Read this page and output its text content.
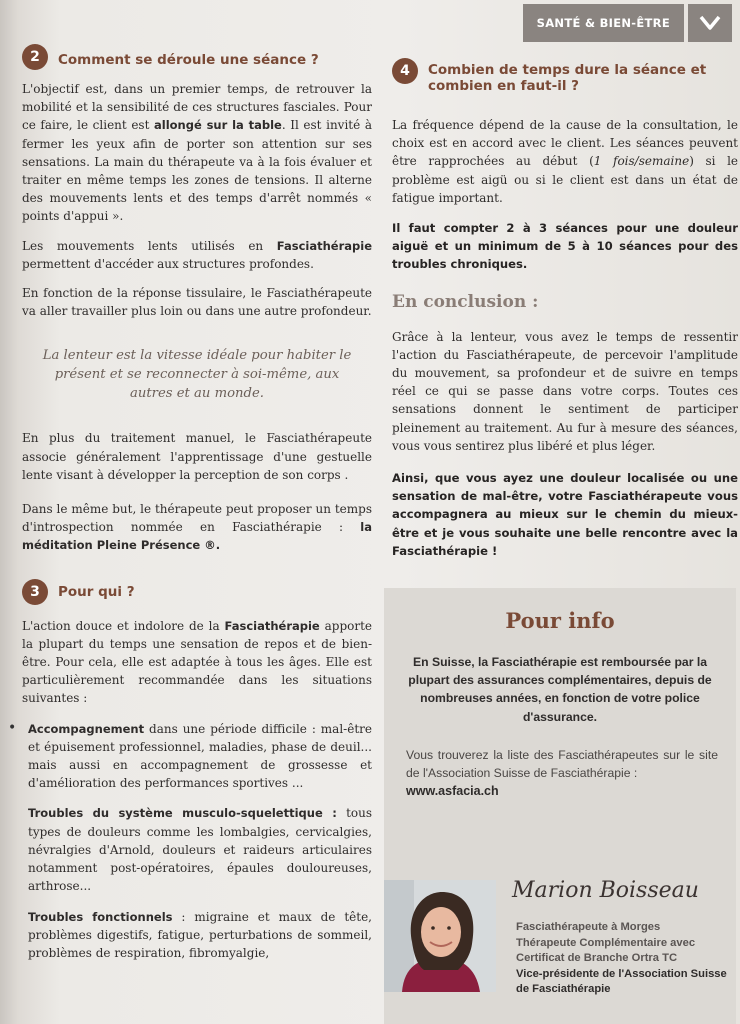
SANTÉ & BIEN-ÊTRE
2	Comment se déroule une séance ?

L'objectif est, dans un premier temps, de retrouver la mobilité et la sensibilité de ces structures fasciales. Pour ce faire, le client est allongé sur la table. Il est invité à fermer les yeux afin de porter son attention sur ses sensations. La main du thérapeute va à la fois évaluer et traiter en même temps les zones de tensions. Il alterne des mouvements lents et des temps d'arrêt nommés « points d'appui ».

Les mouvements lents utilisés en Fasciathérapie permettent d'accéder aux structures profondes.

En fonction de la réponse tissulaire, le Fasciathérapeute va aller travailler plus loin ou dans une autre profondeur.

La lenteur est la vitesse idéale pour habiter le présent et se reconnecter à soi-même, aux autres et au monde.

En plus du traitement manuel, le Fasciathérapeute associe généralement l'apprentissage d'une gestuelle lente visant à développer la perception de son corps .

Dans le même but, le thérapeute peut proposer un temps d'introspection nommée en Fasciathérapie : la méditation Pleine Présence ®.

3	Pour qui ?

L'action douce et indolore de la Fasciathérapie apporte la plupart du temps une sensation de repos et de bien-être. Pour cela, elle est adaptée à tous les âges. Elle est particulièrement recommandée dans les situations suivantes :

• Accompagnement dans une période difficile : mal-être et épuisement professionnel, maladies, phase de deuil... mais aussi en accompagnement de grossesse et d'amélioration des performances sportives ...

Troubles du système musculo-squelettique : tous types de douleurs comme les lombalgies, cervicalgies, névralgies d'Arnold, douleurs et raideurs articulaires notamment post-opératoires, épaules douloureuses, arthrose...

Troubles fonctionnels : migraine et maux de tête, problèmes digestifs, fatigue, perturbations de sommeil, problèmes de respiration, fibromyalgie,

4	Combien de temps dure la séance et combien en faut-il ?

La fréquence dépend de la cause de la consultation, le choix est en accord avec le client. Les séances peuvent être rapprochées au début (1 fois/semaine) si le problème est aigü ou si le client est dans un état de fatigue important.

Il faut compter 2 à 3 séances pour une douleur aiguë et un minimum de 5 à 10 séances pour des troubles chroniques.

En conclusion :

Grâce à la lenteur, vous avez le temps de ressentir l'action du Fasciathérapeute, de percevoir l'amplitude du mouvement, sa profondeur et de suivre en temps réel ce qui se passe dans votre corps. Toutes ces sensations donnent le sentiment de participer pleinement au traitement. Au fur à mesure des séances, vous vous sentirez plus libéré et plus léger.

Ainsi, que vous ayez une douleur localisée ou une sensation de mal-être, votre Fasciathérapeute vous accompagnera au mieux sur le chemin du mieux-être et je vous souhaite une belle rencontre avec la Fasciathérapie !

Pour info

En Suisse, la Fasciathérapie est remboursée par la plupart des assurances complémentaires, depuis de nombreuses années, en fonction de votre police d'assurance.

Vous trouverez la liste des Fasciathérapeutes sur le site de l'Association Suisse de Fasciathérapie :

www.asfacia.ch
Marion Boisseau
Fasciathérapeute à Morges
Thérapeute Complémentaire avec Certificat de Branche Ortra TC
Vice-présidente de l'Association Suisse de Fasciathérapie
